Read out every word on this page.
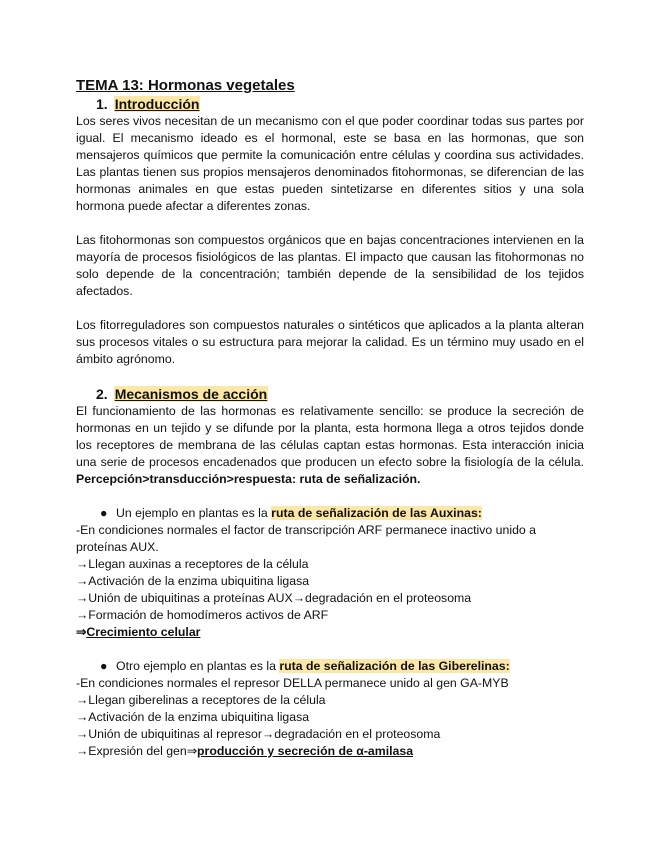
TEMA 13: Hormonas vegetales
1. Introducción

Los seres vivos necesitan de un mecanismo con el que poder coordinar todas sus partes por igual. El mecanismo ideado es el hormonal, este se basa en las hormonas, que son mensajeros químicos que permite la comunicación entre células y coordina sus actividades. Las plantas tienen sus propios mensajeros denominados fitohormonas, se diferencian de las hormonas animales en que estas pueden sintetizarse en diferentes sitios y una sola hormona puede afectar a diferentes zonas.

Las fitohormonas son compuestos orgánicos que en bajas concentraciones intervienen en la mayoría de procesos fisiológicos de las plantas. El impacto que causan las fitohormonas no solo depende de la concentración; también depende de la sensibilidad de los tejidos afectados.

Los fitorreguladores son compuestos naturales o sintéticos que aplicados a la planta alteran sus procesos vitales o su estructura para mejorar la calidad. Es un término muy usado en el ámbito agrónomo.

2. Mecanismos de acción

El funcionamiento de las hormonas es relativamente sencillo: se produce la secreción de hormonas en un tejido y se difunde por la planta, esta hormona llega a otros tejidos donde los receptores de membrana de las células captan estas hormonas. Esta interacción inicia una serie de procesos encadenados que producen un efecto sobre la fisiología de la célula. Percepción>transducción>respuesta: ruta de señalización.

● Un ejemplo en plantas es la ruta de señalización de las Auxinas:

-En condiciones normales el factor de transcripción ARF permanece inactivo unido a

proteínas AUX.

→Llegan auxinas a receptores de la célula

→Activación de la enzima ubiquitina ligasa

→Unión de ubiquitinas a proteínas AUX→degradación en el proteosoma

→Formación de homodímeros activos de ARF

⇒Crecimiento celular

● Otro ejemplo en plantas es la ruta de señalización de las Giberelinas:

-En condiciones normales el represor DELLA permanece unido al gen GA-MYB

→Llegan giberelinas a receptores de la célula

→Activación de la enzima ubiquitina ligasa

→Unión de ubiquitinas al represor→degradación en el proteosoma

→Expresión del gen⇒producción y secreción de α-amilasa
